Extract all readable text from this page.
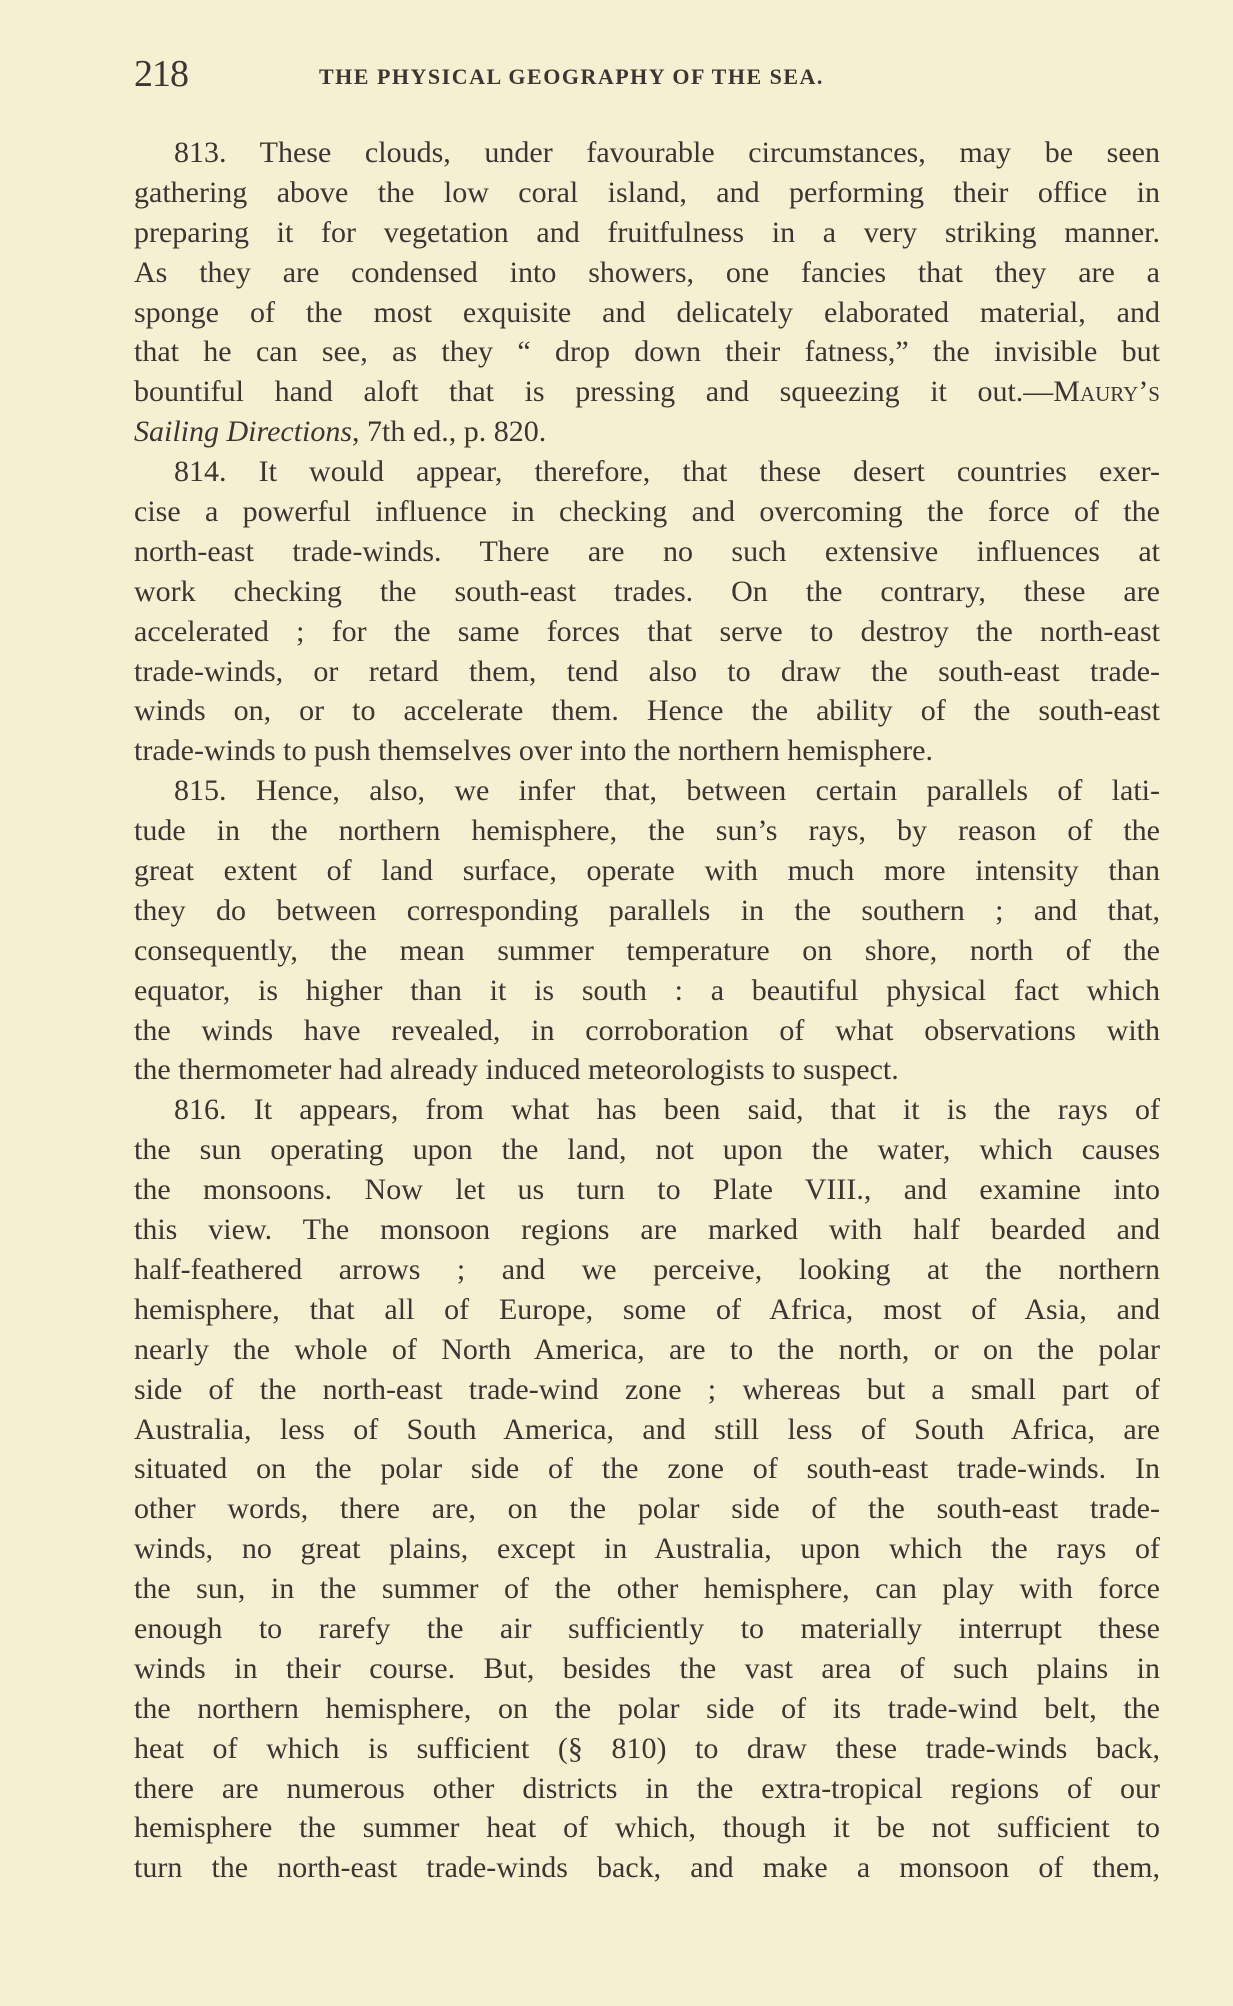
218	THE PHYSICAL GEOGRAPHY OF THE SEA.
813. These clouds, under favourable circumstances, may be seen
gathering above the low coral island, and performing their office in
preparing it for vegetation and fruitfulness in a very striking manner.
As they are condensed into showers, one fancies that they are a
sponge of the most exquisite and delicately elaborated material, and
that he can see, as they “ drop down their fatness,” the invisible but
bountiful hand aloft that is pressing and squeezing it out.—Maury’s
Sailing Directions, 7th ed., p. 820.
814. It would appear, therefore, that these desert countries exer-
cise a powerful influence in checking and overcoming the force of the
north-east trade-winds. There are no such extensive influences at
work checking the south-east trades. On the contrary, these are
accelerated ; for the same forces that serve to destroy the north-east
trade-winds, or retard them, tend also to draw the south-east trade-
winds on, or to accelerate them. Hence the ability of the south-east
trade-winds to push themselves over into the northern hemisphere.
815. Hence, also, we infer that, between certain parallels of lati-
tude in the northern hemisphere, the sun’s rays, by reason of the
great extent of land surface, operate with much more intensity than
they do between corresponding parallels in the southern ; and that,
consequently, the mean summer temperature on shore, north of the
equator, is higher than it is south : a beautiful physical fact which
the winds have revealed, in corroboration of what observations with
the thermometer had already induced meteorologists to suspect.
816. It appears, from what has been said, that it is the rays of
the sun operating upon the land, not upon the water, which causes
the monsoons. Now let us turn to Plate VIII., and examine into
this view. The monsoon regions are marked with half bearded and
half-feathered arrows ; and we perceive, looking at the northern
hemisphere, that all of Europe, some of Africa, most of Asia, and
nearly the whole of North America, are to the north, or on the polar
side of the north-east trade-wind zone ; whereas but a small part of
Australia, less of South America, and still less of South Africa, are
situated on the polar side of the zone of south-east trade-winds. In
other words, there are, on the polar side of the south-east trade-
winds, no great plains, except in Australia, upon which the rays of
the sun, in the summer of the other hemisphere, can play with force
enough to rarefy the air sufficiently to materially interrupt these
winds in their course. But, besides the vast area of such plains in
the northern hemisphere, on the polar side of its trade-wind belt, the
heat of which is sufficient (§ 810) to draw these trade-winds back,
there are numerous other districts in the extra-tropical regions of our
hemisphere the summer heat of which, though it be not sufficient to
turn the north-east trade-winds back, and make a monsoon of them,
